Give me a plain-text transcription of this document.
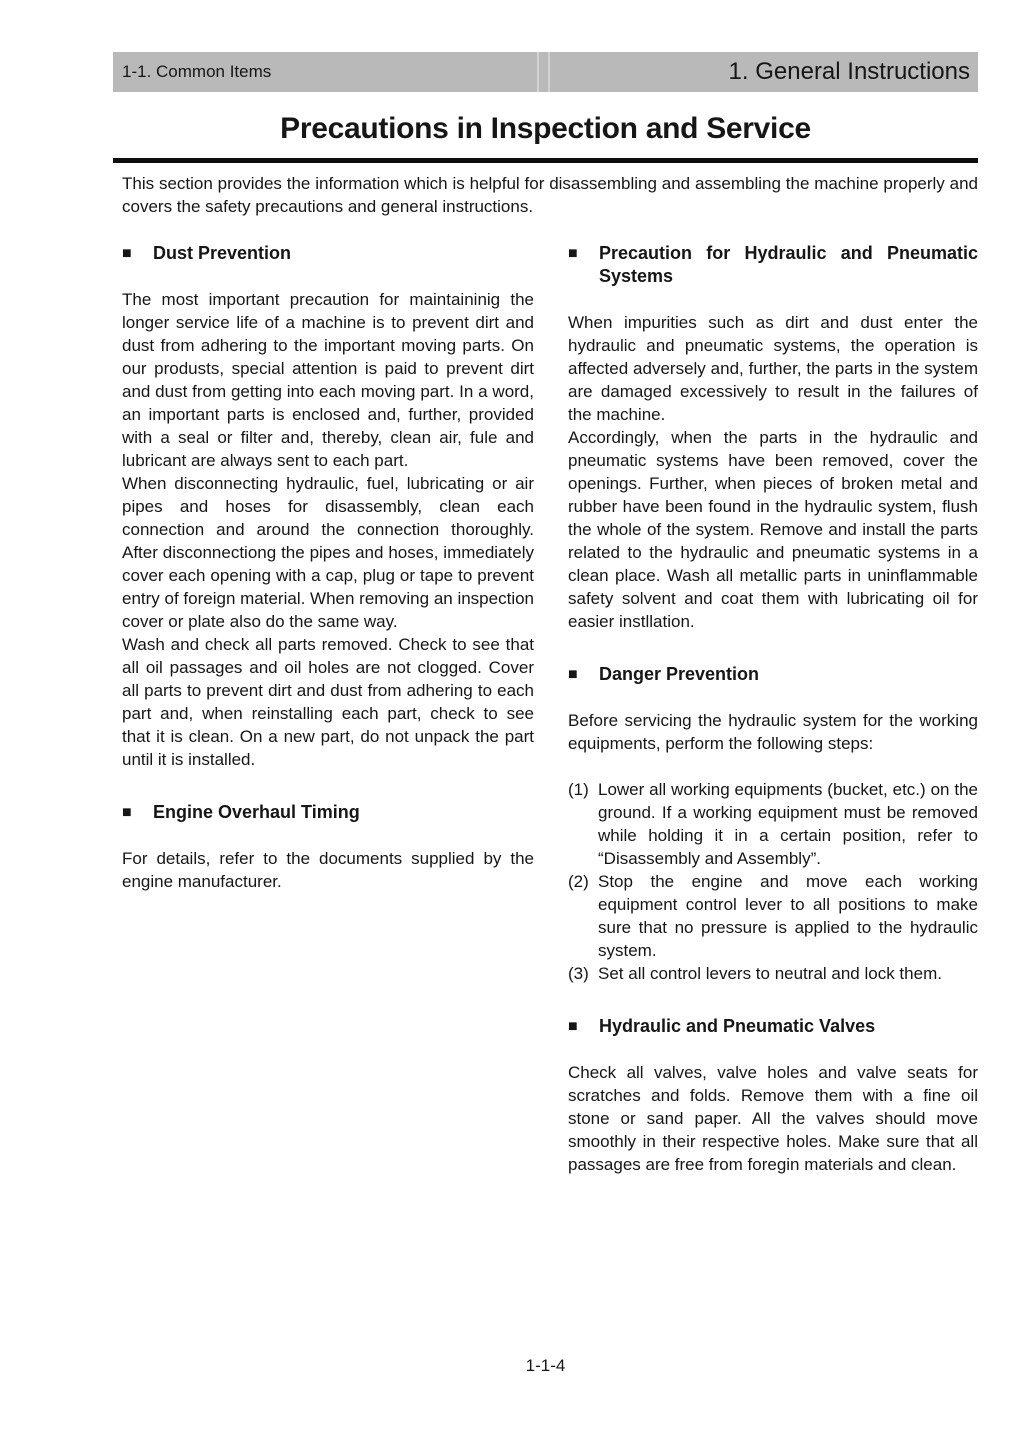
1-1. Common Items	1. General Instructions
Precautions in Inspection and Service

This section provides the information which is helpful for disassembling and assembling the machine properly and covers the safety precautions and general instructions.

■ Dust Prevention

The most important precaution for maintaininig the longer service life of a machine is to prevent dirt and dust from adhering to the important moving parts. On our produsts, special attention is paid to prevent dirt and dust from getting into each moving part. In a word, an important parts is enclosed and, further, provided with a seal or filter and, thereby, clean air, fule and lubricant are always sent to each part.

When disconnecting hydraulic, fuel, lubricating or air pipes and hoses for disassembly, clean each connection and around the connection thoroughly. After disconnectiong the pipes and hoses, immediately cover each opening with a cap, plug or tape to prevent entry of foreign material. When removing an inspection cover or plate also do the same way.

Wash and check all parts removed. Check to see that all oil passages and oil holes are not clogged. Cover all parts to prevent dirt and dust from adhering to each part and, when reinstalling each part, check to see that it is clean. On a new part, do not unpack the part until it is installed.

■ Engine Overhaul Timing

For details, refer to the documents supplied by the engine manufacturer.

■ Precaution for Hydraulic and Pneumatic Systems

When impurities such as dirt and dust enter the hydraulic and pneumatic systems, the operation is affected adversely and, further, the parts in the system are damaged excessively to result in the failures of the machine.

Accordingly, when the parts in the hydraulic and pneumatic systems have been removed, cover the openings. Further, when pieces of broken metal and rubber have been found in the hydraulic system, flush the whole of the system. Remove and install the parts related to the hydraulic and pneumatic systems in a clean place. Wash all metallic parts in uninflammable safety solvent and coat them with lubricating oil for easier instllation.

■ Danger Prevention

Before servicing the hydraulic system for the working equipments, perform the following steps:

(1) Lower all working equipments (bucket, etc.) on the ground. If a working equipment must be removed while holding it in a certain position, refer to “Disassembly and Assembly”.
(2) Stop the engine and move each working equipment control lever to all positions to make sure that no pressure is applied to the hydraulic system.
(3) Set all control levers to neutral and lock them.
■ Hydraulic and Pneumatic Valves

Check all valves, valve holes and valve seats for scratches and folds. Remove them with a fine oil stone or sand paper. All the valves should move smoothly in their respective holes. Make sure that all passages are free from foregin materials and clean.

1-1-4
